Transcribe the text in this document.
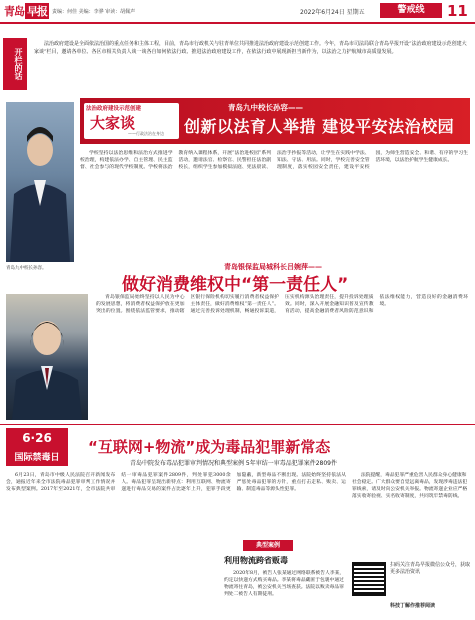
青岛 早报 责编：何佳 美编：李骅 审读：胡佩声	2022年6月24日 星期五	警戒线	11
开栏的话
法治政府建设是全面依法治国的重点任务和主体工程，目前，青岛市行政机关与驻青单位共同推进法治政府建设示范创建工作。今年，青岛市司法局联合青岛早报开设“法治政府建设示范创建大家谈”栏目，邀请各单位、各区市相关负责人谈一谈各自如何依法行政、推进法治政府建设工作，在依法行政中展现新担当新作为，以法治之力护航城市高质量发展。
青岛九中校长孙容。
法治政府建设示范创建
大家谈
——行政法治在身边
青岛九中校长孙容——
创新以法育人举措 建设平安法治校园
学校坚持以法治思维和法治方式推进学校治理，构建依法办学、自主管理、民主监督、社会参与的现代学校制度。学校将法治教育纳入课程体系，开展“法治进校园”系列活动，邀请法官、检察官、民警担任法治副校长，组织学生参加模拟法庭、宪法晨读、法治手抄报等活动，让学生在实践中学法、知法、守法、用法。同时，学校完善安全管理制度，落实校园安全责任，建设平安校园，为师生营造安全、和谐、有序的学习生活环境，以法治护航学生健康成长。
青岛银保监局城科长吕婉萍——
做好消费维权中“第一责任人”
青岛银保监局始终坚持以人民为中心的发展思想，将消费者权益保护放在更加突出的位置。围绕依法监管要求，推动辖区银行保险机构切实履行消费者权益保护主体责任，做好消费维权“第一责任人”。通过完善投诉处理机制，畅通投诉渠道，压实机构源头治理责任，提升投诉处理质效。同时，深入开展金融知识普及宣传教育活动，提高金融消费者风险防范意识和依法维权能力，营造良好的金融消费环境。
6·26
国际禁毒日
“互联网+物流”成为毒品犯罪新常态
青岛中院发布毒品犯罪审判情况和典型案例 5年审结一审毒品犯罪案件2809件
6月23日，青岛市中级人民法院召开新闻发布会，通报近年来全市法院毒品犯罪审判工作情况并发布典型案例。2017年至2021年，全市法院共审结一审毒品犯罪案件2809件，判处罪犯3000余人。毒品犯罪呈现出新特点：利用互联网、物流寄递进行毒品交易的案件占比逐年上升，犯罪手段更加隐蔽，新型毒品不断出现。法院始终坚持依法从严惩处毒品犯罪的方针，重点打击走私、贩卖、运输、制造毒品等源头性犯罪。
典型案例
利用物流跨省贩毒
2020年8月，被告人张某通过网络联系被告人李某，约定以快递方式购买毒品。李某将毒品藏匿于包裹中通过物流寄往青岛，被公安机关当场查获。法院以贩卖毒品罪判处二被告人有期徒刑。
法院提醒，毒品犯罪严重危害人民群众身心健康和社会稳定。广大群众要自觉远离毒品，发现涉毒违法犯罪线索，请及时向公安机关举报。物流寄递企业应严格落实收寄验视、实名收寄制度，共同筑牢禁毒防线。
扫码关注青岛早报微信公众号，获取更多法治资讯
科技丁解作推荐阅读
